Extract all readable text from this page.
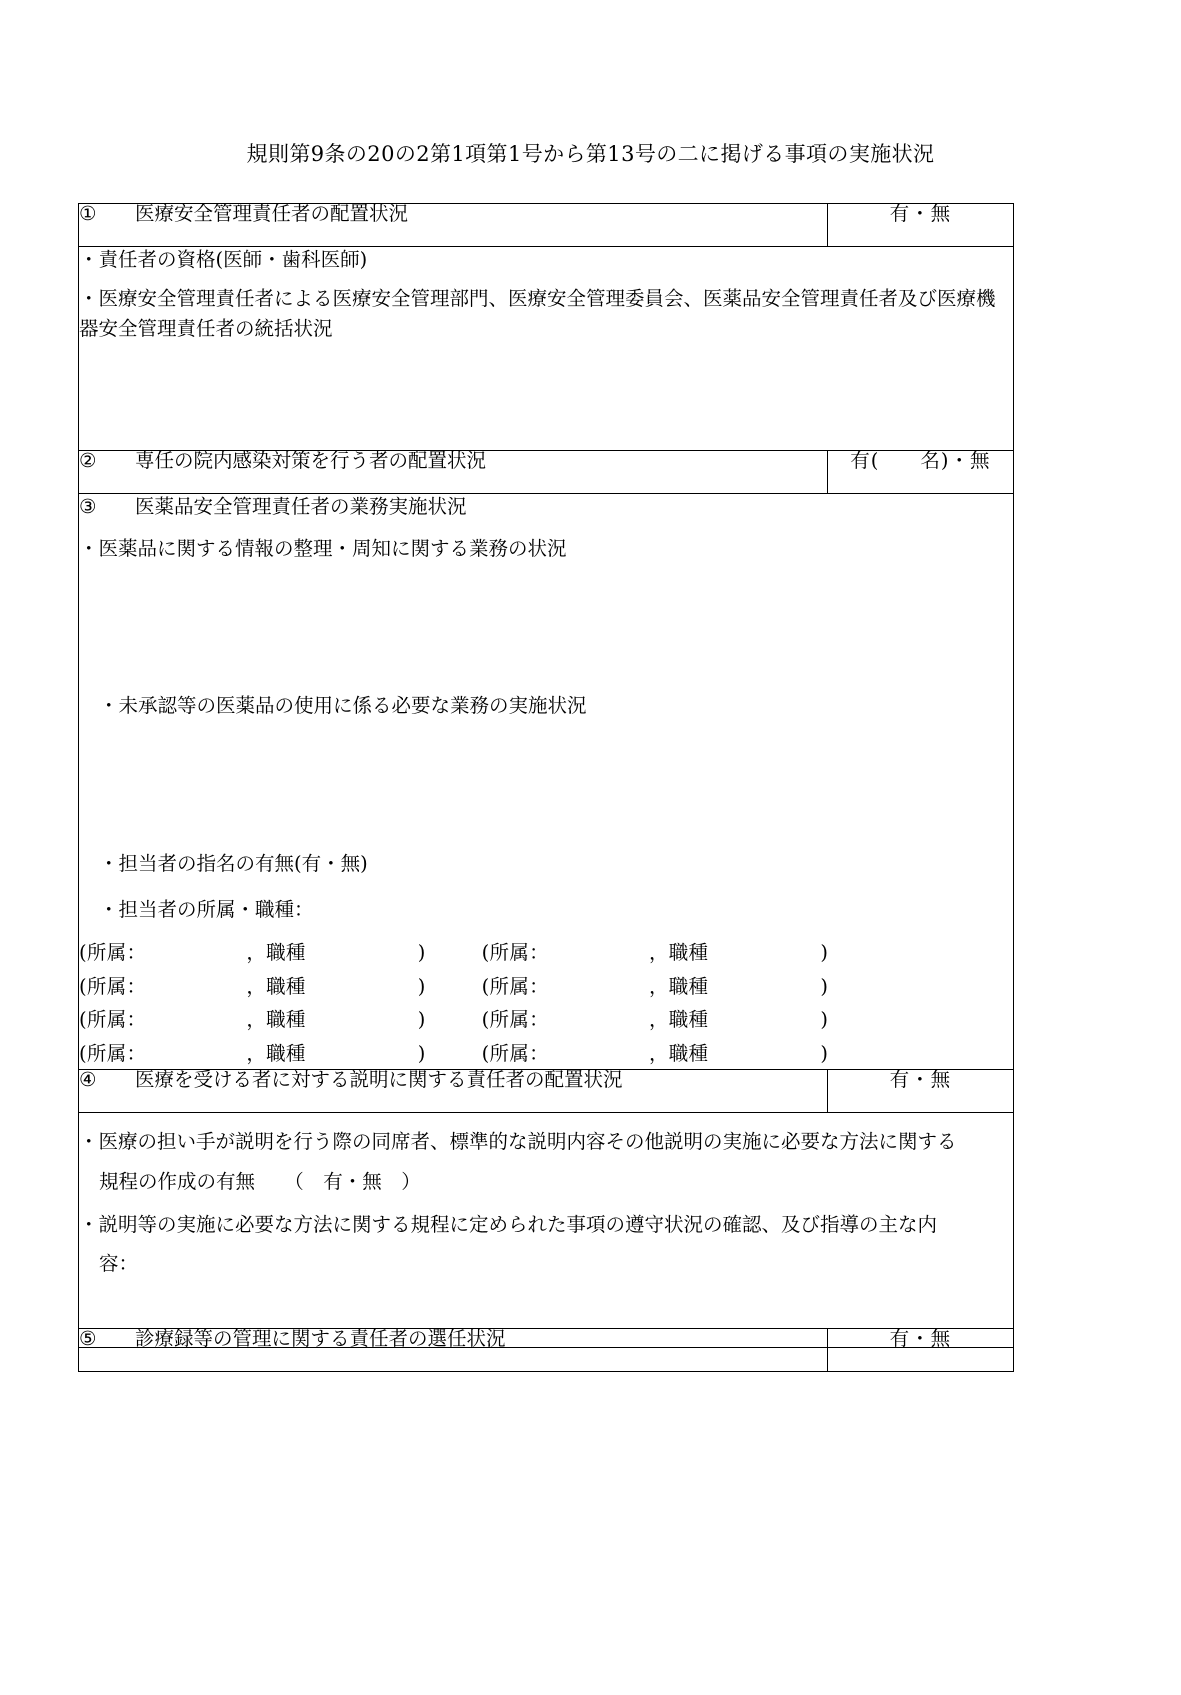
規則第9条の20の2第1項第1号から第13号の二に掲げる事項の実施状況
① 医療安全管理責任者の配置状況	有・無

・責任者の資格(医師・歯科医師)
・医療安全管理責任者による医療安全管理部門、医療安全管理委員会、医薬品安全管理責任者及び医療機器安全管理責任者の統括状況	

② 専任の院内感染対策を行う者の配置状況	有(　　名)・無

③ 医薬品安全管理責任者の業務実施状況
・医薬品に関する情報の整理・周知に関する業務の状況
・未承認等の医薬品の使用に係る必要な業務の実施状況
・担当者の指名の有無(有・無)
・担当者の所属・職種：
(所属：	，職種	)	(所属：	，職種	)
(所属：	，職種	)	(所属：	，職種	)
(所属：	，職種	)	(所属：	，職種	)
(所属：	，職種	)	(所属：	，職種	)

④ 医療を受ける者に対する説明に関する責任者の配置状況	有・無

・医療の担い手が説明を行う際の同席者、標準的な説明内容その他説明の実施に必要な方法に関する
規程の作成の有無　　（　有・無　）
・説明等の実施に必要な方法に関する規程に定められた事項の遵守状況の確認、及び指導の主な内
容：	
⑤ 診療録等の管理に関する責任者の選任状況	有・無
